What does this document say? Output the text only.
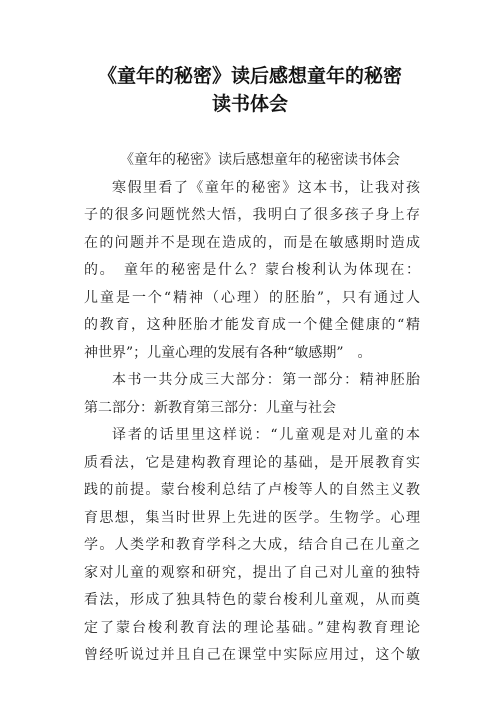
《童年的秘密》读后感想童年的秘密
读书体会
《童年的秘密》读后感想童年的秘密读书体会
寒假里看了《童年的秘密》这本书，让我对孩
子的很多问题恍然大悟，我明白了很多孩子身上存
在的问题并不是现在造成的，而是在敏感期时造成
的。　童年的秘密是什么？蒙台梭利认为体现在：
儿童是一个“精神（心理）的胚胎”，只有通过人
的教育，这种胚胎才能发育成一个健全健康的“精
神世界”；儿童心理的发展有各种“敏感期”　。
本书一共分成三大部分：第一部分：精神胚胎
第二部分：新教育第三部分：儿童与社会
译者的话里里这样说：“儿童观是对儿童的本
质看法，它是建构教育理论的基础，是开展教育实
践的前提。蒙台梭利总结了卢梭等人的自然主义教
育思想，集当时世界上先进的医学。生物学。心理
学。人类学和教育学科之大成，结合自己在儿童之
家对儿童的观察和研究，提出了自己对儿童的独特
看法，形成了独具特色的蒙台梭利儿童观，从而奠
定了蒙台梭利教育法的理论基础。”建构教育理论
曾经听说过并且自己在课堂中实际应用过，这个敏
